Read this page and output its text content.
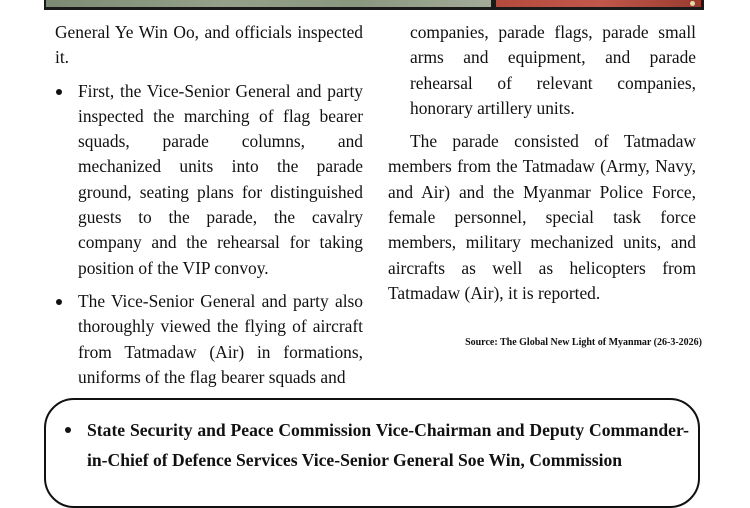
General Ye Win Oo, and officials inspected it.

First, the Vice-Senior General and party inspected the marching of flag bearer squads, parade columns, and mechanized units into the parade ground, seating plans for distinguished guests to the parade, the cavalry company and the rehearsal for taking position of the VIP convoy.
The Vice-Senior General and party also thoroughly viewed the flying of aircraft from Tatmadaw (Air) in formations, uniforms of the flag bearer squads and

companies, parade flags, parade small arms and equipment, and parade rehearsal of relevant companies, honorary artillery units.

The parade consisted of Tatmadaw members from the Tatmadaw (Army, Navy, and Air) and the Myanmar Police Force, female personnel, special task force members, military mechanized units, and aircrafts as well as helicopters from Tatmadaw (Air), it is reported.

Source: The Global New Light of Myanmar (26-3-2026)
State Security and Peace Commission Vice-Chairman and Deputy Commander-in-Chief of Defence Services Vice-Senior General Soe Win, Commission
